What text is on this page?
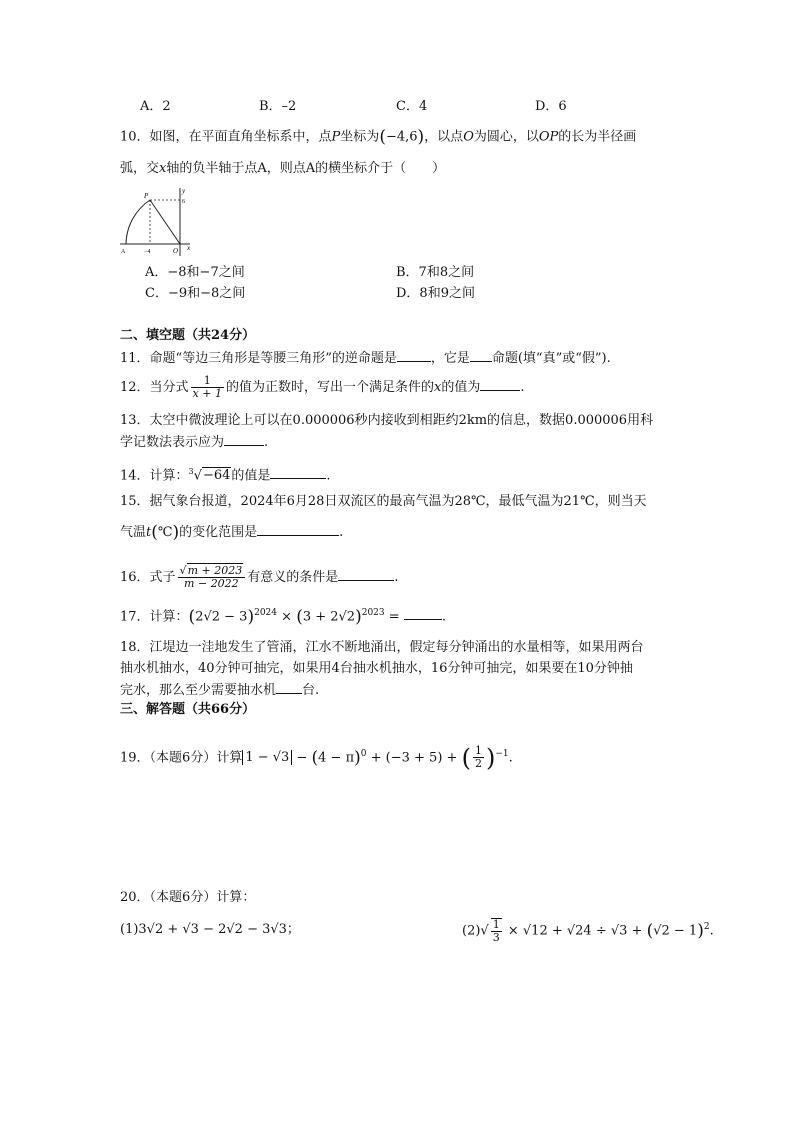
A．2	B．–2	C．4	D．6
10．如图，在平面直角坐标系中，点P坐标为(−4,6)，以点O为圆心，以OP的长为半径画
弧，交x轴的负半轴于点A，则点A的横坐标介于（　　）
P
y
6
A	−4	O x
A．−8和−7之间	B．7和8之间
C．−9和−8之间	D．8和9之间
二、填空题（共24分）
11．命题“等边三角形是等腰三角形”的逆命题是	，它是 命题(填“真”或“假”).
12．当分式 $\frac{1}{x + 1}$ 的值为正数时，写出一个满足条件的x的值为	.
13．太空中微波理论上可以在0.000006秒内接收到相距约2km的信息，数据0.000006用科
学记数法表示应为	.
14．计算：$^3$√−64的值是	.
15．据气象台报道，2024年6月28日双流区的最高气温为28℃，最低气温为21℃，则当天
气温t(℃)的变化范围是	.
16．式子 $\frac{√m + 2023}{m - 2022}$ 有意义的条件是	.
17．计算：$(2√2 - 3)^{2024} \times (3 + 2√2)^{2023}$ =	.
18．江堤边一洼地发生了管涌，江水不断地涌出，假定每分钟涌出的水量相等，如果用两台
抽水机抽水，40分钟可抽完，如果用4台抽水机抽水，16分钟可抽完，如果要在10分钟抽
完水，那么至少需要抽水机 台.
三、解答题（共66分）
19．（本题6分）计算 $1 - √3 - (4 - \pi)^0 + (-3 + 5)$ + ( $\frac{1}{2} )^{-1}$.
20．（本题6分）计算：
(1)3√2 + √3 − 2√2 − 3√3；	$(2)√ \frac{1}{3} \times √12 + √24 \div √3 + (√2 - 1)^2$.
